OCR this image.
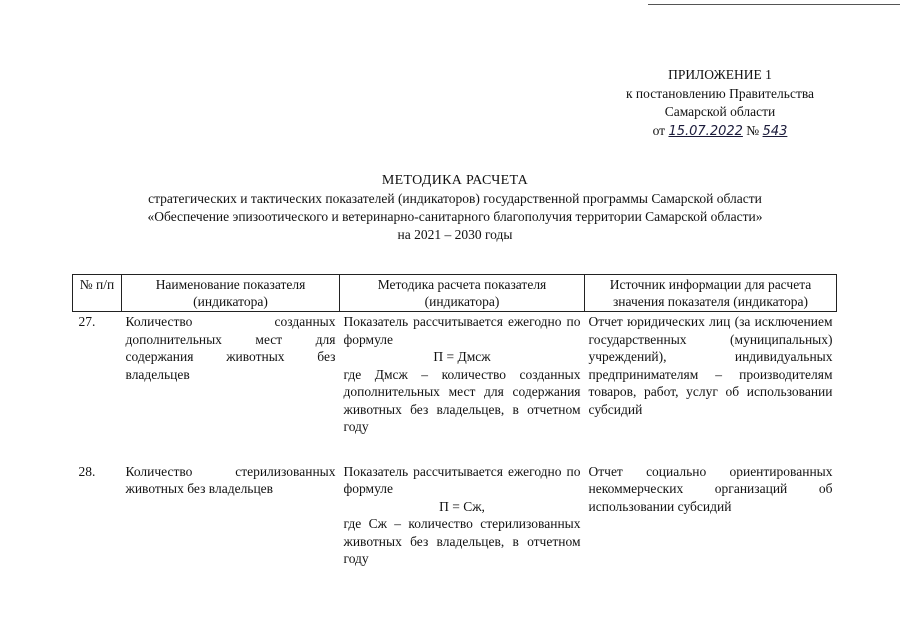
ПРИЛОЖЕНИЕ 1
к постановлению Правительства
Самарской области
от 15.07.2022 № 543
МЕТОДИКА РАСЧЕТА
стратегических и тактических показателей (индикаторов) государственной программы Самарской области
«Обеспечение эпизоотического и ветеринарно-санитарного благополучия территории Самарской области»
на 2021 – 2030 годы
№ п/п	Наименование показателя (индикатора)	Методика расчета показателя (индикатора)	Источник информации для расчета значения показателя (индикатора)
27.	Количество созданных дополнительных мест для содержания животных без владельцев	Показатель рассчитывается ежегодно по формуле
П = Дмсж
где Дмсж – количество созданных дополнительных мест для содержания животных без владельцев, в отчетном году	Отчет юридических лиц (за исключением государственных (муниципальных) учреждений), индивидуальных предпринимателям – производителям товаров, работ, услуг об использовании субсидий
28.	Количество стерилизованных животных без владельцев	Показатель рассчитывается ежегодно по формуле
П = Сж,
где Сж – количество стерилизованных животных без владельцев, в отчетном году	Отчет социально ориентированных некоммерческих организаций об использовании субсидий
